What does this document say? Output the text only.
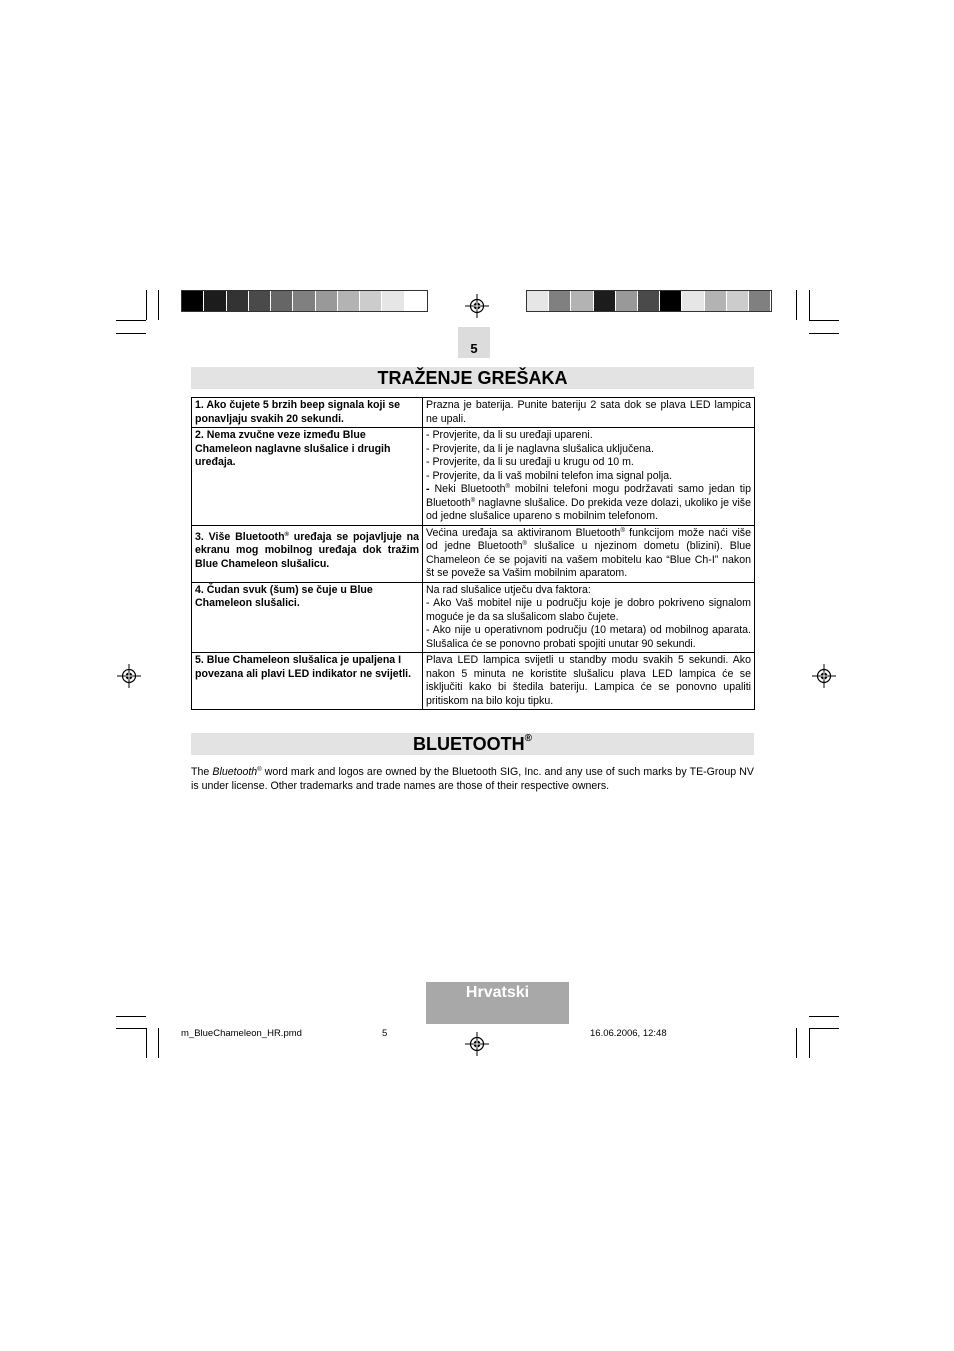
5
TRAŽENJE GREŠAKA
1. Ako čujete 5 brzih beep signala koji se ponavljaju svakih 20 sekundi.	Prazna je baterija. Punite bateriju 2 sata dok se plava LED lampica ne upali.
2. Nema zvučne veze između Blue Chameleon naglavne slušalice i drugih uređaja.	- Provjerite, da li su uređaji upareni.
- Provjerite, da li je naglavna slušalica uključena.
- Provjerite, da li su uređaji u krugu od 10 m.
- Provjerite, da li vaš mobilni telefon ima signal polja.
- Neki Bluetooth® mobilni telefoni mogu podržavati samo jedan tip Bluetooth® naglavne slušalice. Do prekida veze dolazi, ukoliko je više od jedne slušalice upareno s mobilnim telefonom.

3. Više Bluetooth® uređaja se pojavljuje na ekranu mog mobilnog uređaja dok tražim Blue Chameleon slušalicu.	Većina uređaja sa aktiviranom Bluetooth® funkcijom može naći više od jedne Bluetooth® slušalice u njezinom dometu (blizini). Blue Chameleon će se pojaviti na vašem mobitelu kao “Blue Ch-I” nakon št se poveže sa Vašim mobilnim aparatom.
4. Čudan svuk (šum) se čuje u Blue Chameleon slušalici.	Na rad slušalice utječu dva faktora:
- Ako Vaš mobitel nije u području koje je dobro pokriveno signalom moguće je da sa slušalicom slabo čujete.
- Ako nije u operativnom području (10 metara) od mobilnog aparata. Slušalica će se ponovno probati spojiti unutar 90 sekundi.

5. Blue Chameleon slušalica je upaljena I povezana ali plavi LED indikator ne svijetli.	Plava LED lampica svijetli u standby modu svakih 5 sekundi. Ako nakon 5 minuta ne koristite slušalicu plava LED lampica će se isključiti kako bi štedila bateriju. Lampica će se ponovno upaliti pritiskom na bilo koju tipku.
BLUETOOTH®
The Bluetooth® word mark and logos are owned by the Bluetooth SIG, Inc. and any use of such marks by TE-Group NV is under license. Other trademarks and trade names are those of their respective owners.
Hrvatski
m_BlueChameleon_HR.pmd	5	16.06.2006, 12:48
